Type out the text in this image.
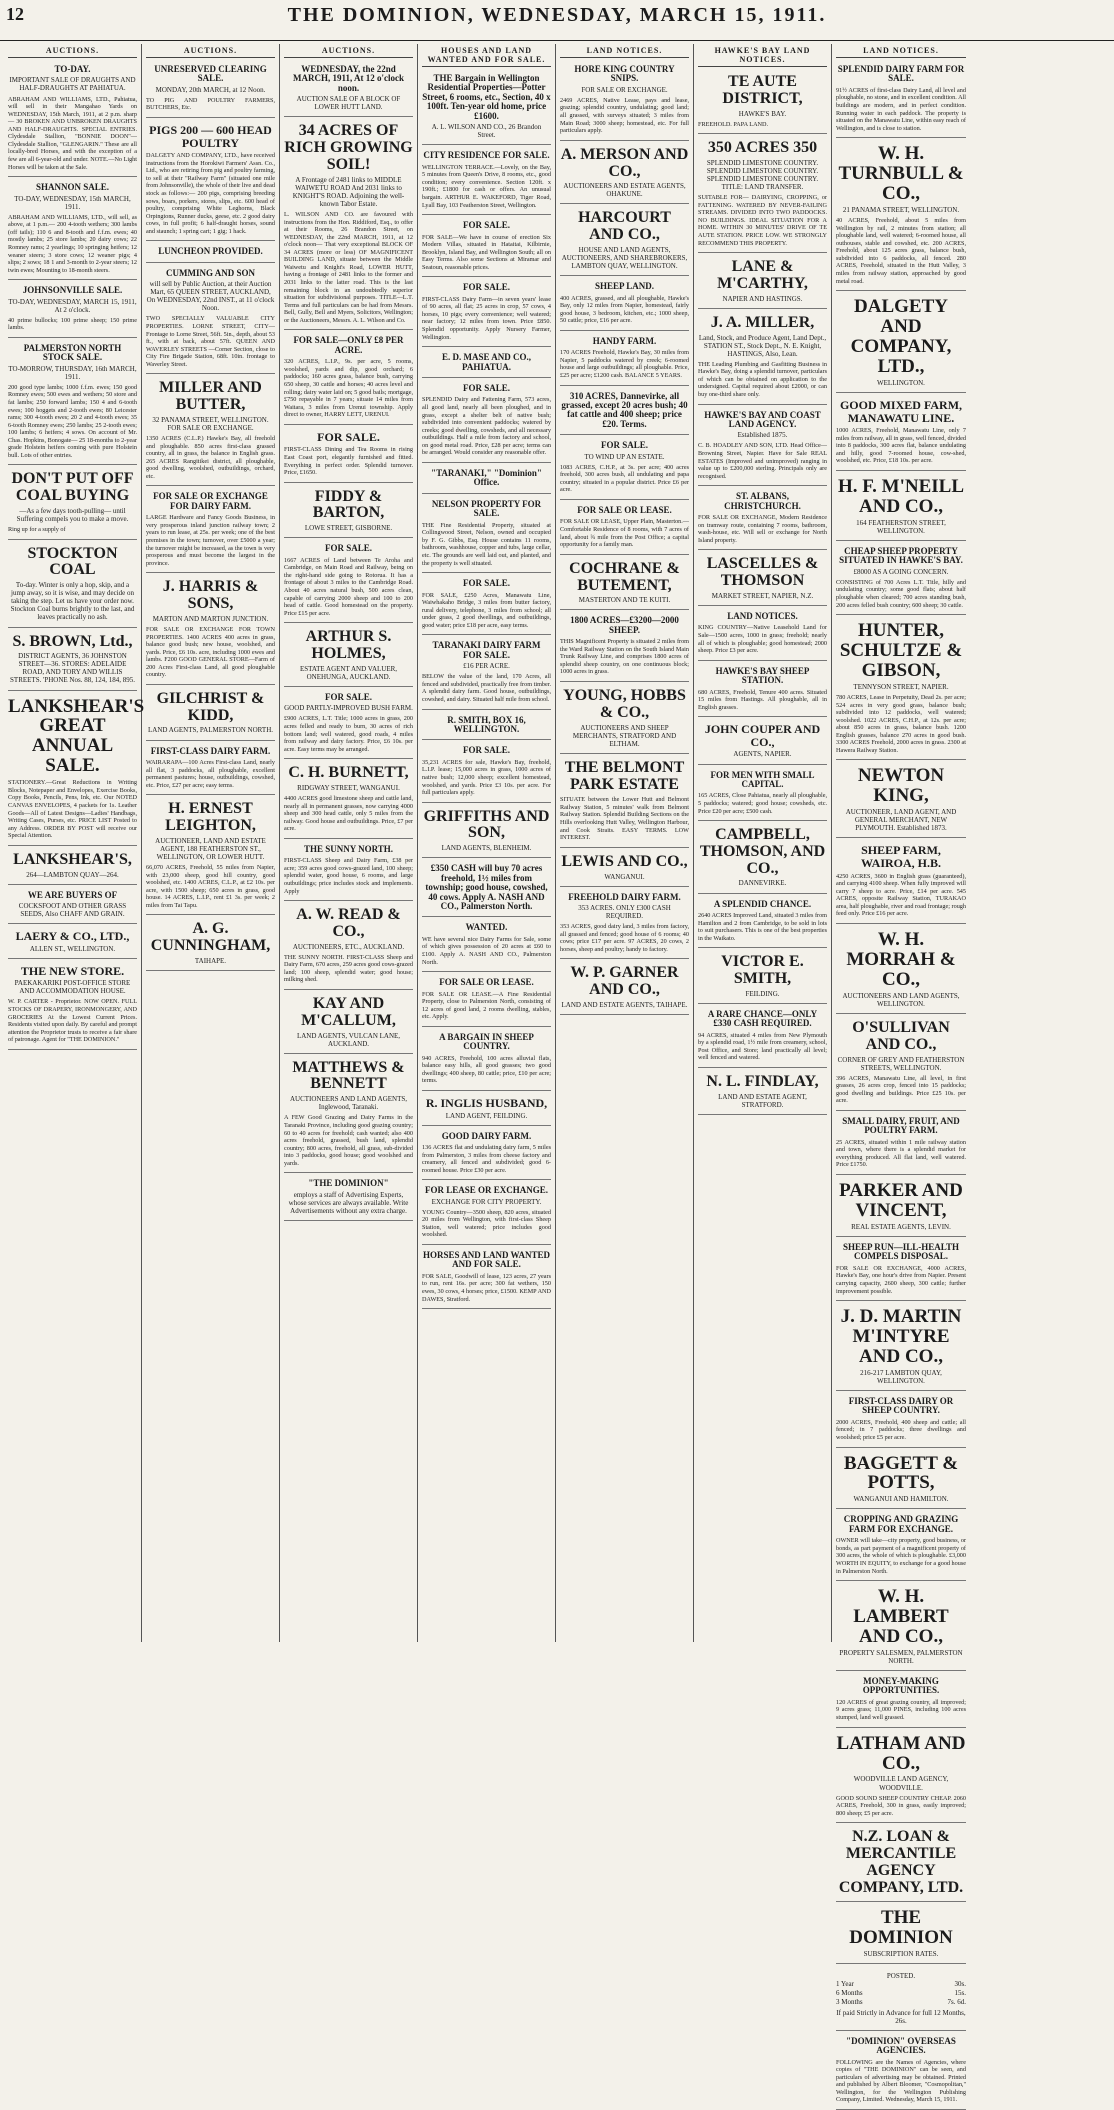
12	THE DOMINION, WEDNESDAY, MARCH 15, 1911.
AUCTIONS.
TO-DAY.
IMPORTANT SALE OF DRAUGHTS AND HALF-DRAUGHTS AT PAHIATUA.
ABRAHAM AND WILLIAMS, LTD., Pahiatua, will sell in their Mangahao Yards on WEDNESDAY, 15th March, 1911, at 2 p.m. sharp— 30 BROKEN AND UNBROKEN DRAUGHTS AND HALF-DRAUGHTS. SPECIAL ENTRIES. Clydesdale Stallion, "BONNIE DOON"— Clydesdale Stallion, "GLENGARIN." These are all locally-bred Horses, and with the exception of a few are all 6-year-old and under. NOTE.—No Light Horses will be taken at the Sale.
SHANNON SALE.
TO-DAY, WEDNESDAY, 15th MARCH, 1911.
ABRAHAM AND WILLIAMS, LTD., will sell, as above, at 1 p.m.— 200 4-tooth wethers; 300 lambs (off tails); 110 6 and 8-tooth and f.f.m. ewes; 40 mostly lambs; 25 store lambs; 20 dairy cows; 22 Romney rams; 2 yearlings; 10 springing heifers; 12 weaner steers; 3 store cows; 12 weaner pigs; 4 slips; 2 sows; 18 1 and 3-month to 2-year steers; 12 twin ewes; Mounting to 18-month steers.
JOHNSONVILLE SALE.
TO-DAY, WEDNESDAY, MARCH 15, 1911, At 2 o'clock.
40 prime bullocks; 100 prime sheep; 150 prime lambs.
PALMERSTON NORTH STOCK SALE.
TO-MORROW, THURSDAY, 16th MARCH, 1911.
200 good type lambs; 1000 f.f.m. ewes; 150 good Romney ewes; 500 ewes and wethers; 50 store and fat lambs; 250 forward lambs; 150 4 and 6-tooth ewes; 100 hoggets and 2-tooth ewes; 80 Leicester rams; 300 4-tooth ewes; 20 2 and 4-tooth ewes; 35 6-tooth Romney ewes; 250 lambs; 25 2-tooth ewes; 100 lambs; 6 heifers; 4 sows. On account of Mr. Chas. Hopkins, Bonogate— 25 18-months to 2-year grade Holstein heifers coming with pure Holstein bull. Lots of other entries.
DON'T PUT OFF COAL BUYING
—As a few days tooth-pulling— until Suffering compels you to make a move.
Ring up for a supply of
STOCKTON COAL
To-day. Winter is only a hop, skip, and a jump away, so it is wise, and may decide on taking the step. Let us have your order now. Stockton Coal burns brightly to the last, and leaves practically no ash.
S. BROWN, Ltd.,
DISTRICT AGENTS, 36 JOHNSTON STREET—36. STORES: ADELAIDE ROAD, AND TORY AND WILLIS STREETS. 'PHONE Nos. 88, 124, 184, 895.
LANKSHEAR'S GREAT ANNUAL SALE.
STATIONERY.—Great Reductions in Writing Blocks, Notepaper and Envelopes, Exercise Books, Copy Books, Pencils, Pens, Ink, etc. Our NOTED CANVAS ENVELOPES, 4 packets for 1s. Leather Goods—All of Latest Designs—Ladies' Handbags, Writing Cases, Purses, etc. PRICE LIST Posted to any Address. ORDER BY POST will receive our Special Attention.
LANKSHEAR'S,
264—LAMBTON QUAY—264.
WE ARE BUYERS OF
COCKSFOOT AND OTHER GRASS SEEDS, Also CHAFF AND GRAIN.
LAERY & CO., LTD.,
ALLEN ST., WELLINGTON.
THE NEW STORE.
PAEKAKARIKI POST-OFFICE STORE AND ACCOMMODATION HOUSE.
W. P. CARTER - Proprietor. NOW OPEN. FULL STOCKS OF DRAPERY, IRONMONGERY, AND GROCERIES At the Lowest Current Prices. Residents visited upon daily. By careful and prompt attention the Proprietor trusts to receive a fair share of patronage. Agent for "THE DOMINION."
AUCTIONS.
UNRESERVED CLEARING SALE.
MONDAY, 20th MARCH, at 12 Noon.
TO PIG AND POULTRY FARMERS, BUTCHERS, Etc.
PIGS 200 — 600 HEAD POULTRY
DALGETY AND COMPANY, LTD., have received instructions from the Horokiwi Farmers' Assn. Co., Ltd., who are retiring from pig and poultry farming, to sell at their "Railway Farm" (situated one mile from Johnsonville), the whole of their live and dead stock as follows:— 200 pigs, comprising breeding sows, boars, porkers, stores, slips, etc. 600 head of poultry, comprising White Leghorns, Black Orpingtons, Runner ducks, geese, etc. 2 good dairy cows, in full profit; 6 half-draught horses, sound and staunch; 1 spring cart; 1 gig; 1 hack.
LUNCHEON PROVIDED.
CUMMING AND SON
will sell by Public Auction, at their Auction Mart, 65 QUEEN STREET, AUCKLAND, On WEDNESDAY, 22nd INST., at 11 o'clock Noon.
TWO SPECIALLY VALUABLE CITY PROPERTIES. LORNE STREET, CITY—Frontage to Lorne Street, 56ft. 5in., depth, about 53 ft., with at back, about 57ft. QUEEN AND WAVERLEY STREETS —Corner Section, close to City Fire Brigade Station, 68ft. 10in. frontage to Waverley Street.
MILLER AND BUTTER,
32 PANAMA STREET, WELLINGTON. FOR SALE OR EXCHANGE.
1350 ACRES (C.L.P.) Hawke's Bay, all freehold and ploughable. 850 acres first-class grassed country, all in grass, the balance in English grass. 265 ACRES Rangitikei district, all ploughable, good dwelling, woolshed, outbuildings, orchard, etc.
FOR SALE OR EXCHANGE FOR DAIRY FARM.
LARGE Hardware and Fancy Goods Business, in very prosperous inland junction railway town; 2 years to run lease, at 25s. per week; one of the best premises in the town; turnover, over £5000 a year; the turnover might be increased, as the town is very prosperous and must become the largest in the province.
J. HARRIS & SONS,
MARTON AND MARTON JUNCTION.
FOR SALE OR EXCHANGE FOR TOWN PROPERTIES. 1400 ACRES 400 acres in grass, balance good bush; new house, woolshed, and yards. Price, £6 10s. acre, including 1000 ewes and lambs. F200 GOOD GENERAL STORE—Farm of 200 Acres First-class Land, all good ploughable country.
GILCHRIST & KIDD,
LAND AGENTS, PALMERSTON NORTH.
FIRST-CLASS DAIRY FARM.
WAIRARAPA—100 Acres First-class Land, nearly all flat, 3 paddocks, all ploughable, excellent permanent pastures; house, outbuildings, cowshed, etc. Price, £27 per acre; easy terms.
H. ERNEST LEIGHTON,
AUCTIONEER, LAND AND ESTATE AGENT, 188 FEATHERSTON ST., WELLINGTON, OR LOWER HUTT.
66,070 ACRES, Freehold, 55 miles from Napier, with 23,000 sheep, good hill country, good woolshed, etc. 1400 ACRES, C.L.P., at £2 10s. per acre, with 1500 sheep; 650 acres in grass, good house. 14 ACRES, L.I.P., rent £1 3s. per week; 2 miles from Tai Tapu.
A. G. CUNNINGHAM,
TAIHAPE.
AUCTIONS.
WEDNESDAY, the 22nd MARCH, 1911, At 12 o'clock noon.
AUCTION SALE OF A BLOCK OF LOWER HUTT LAND.
34 ACRES OF RICH GROWING SOIL!
A Frontage of 2481 links to MIDDLE WAIWETU ROAD And 2031 links to KNIGHT'S ROAD. Adjoining the well-known Tabor Estate.
L. WILSON AND CO. are favoured with instructions from the Hon. Riddiford, Esq., to offer at their Rooms, 26 Brandon Street, on WEDNESDAY, the 22nd MARCH, 1911, at 12 o'clock noon— That very exceptional BLOCK OF 34 ACRES (more or less) OF MAGNIFICENT BUILDING LAND, situate between the Middle Waiwetu and Knight's Road, LOWER HUTT, having a frontage of 2481 links to the former and 2031 links to the latter road. This is the last remaining block in an undoubtedly superior situation for subdivisional purposes. TITLE—L.T. Terms and full particulars can be had from Messrs. Bell, Gully, Bell and Myers, Solicitors, Wellington; or the Auctioneers, Messrs. A. L. Wilson and Co.
FOR SALE—ONLY £8 PER ACRE.
320 ACRES, L.I.P., 9s. per acre, 5 rooms, woolshed, yards and dip, good orchard; 6 paddocks; 160 acres grass, balance bush, carrying 650 sheep, 30 cattle and horses; 40 acres level and rolling; dairy water laid on; 5 good bails; mortgage, £750 repayable in 7 years; situate 14 miles from Waitara, 3 miles from Urenui township. Apply direct to owner, HARRY LETT, URENUI.
FOR SALE.
FIRST-CLASS Dining and Tea Rooms in rising East Coast port, elegantly furnished and fitted. Everything in perfect order. Splendid turnover. Price, £1650.
FIDDY & BARTON,
LOWE STREET, GISBORNE.
FOR SALE.
1667 ACRES of Land between Te Aroha and Cambridge, on Main Road and Railway, being on the right-hand side going to Rotorua. It has a frontage of about 3 miles to the Cambridge Road. About 40 acres natural bush, 500 acres clean, capable of carrying 2000 sheep and 100 to 200 head of cattle. Good homestead on the property. Price £15 per acre.
ARTHUR S. HOLMES,
ESTATE AGENT AND VALUER, ONEHUNGA, AUCKLAND.
FOR SALE.
GOOD PARTLY-IMPROVED BUSH FARM.
£900 ACRES, L.T. Title; 1000 acres in grass, 200 acres felled and ready to burn, 30 acres of rich bottom land; well watered, good roads, 4 miles from railway and dairy factory. Price, £6 10s. per acre. Easy terms may be arranged.
C. H. BURNETT,
RIDGWAY STREET, WANGANUI.
4400 ACRES good limestone sheep and cattle land, nearly all in permanent grasses, now carrying 4000 sheep and 300 head cattle, only 5 miles from the railway. Good house and outbuildings. Price, £7 per acre.
THE SUNNY NORTH.
FIRST-CLASS Sheep and Dairy Farm, £38 per acre; 359 acres good cows-grazed land, 100 sheep; splendid water, good house, 6 rooms, and large outbuildings; price includes stock and implements. Apply
A. W. READ & CO.,
AUCTIONEERS, ETC., AUCKLAND.
THE SUNNY NORTH. FIRST-CLASS Sheep and Dairy Farm, 670 acres, 259 acres good cows-grazed land; 100 sheep, splendid water; good house; milking shed.
KAY AND M'CALLUM,
LAND AGENTS, VULCAN LANE, AUCKLAND.
MATTHEWS & BENNETT
AUCTIONEERS AND LAND AGENTS, Inglewood, Taranaki.
A FEW Good Grazing and Dairy Farms in the Taranaki Province, including good grazing country; 60 to 40 acres for freehold; cash wanted; also 400 acres freehold, grassed, bush land, splendid country; 800 acres, freehold, all grass, sub-divided into 3 paddocks, good house; good woolshed and yards.
"THE DOMINION"
employs a staff of Advertising Experts, whose services are always available. Write Advertisements without any extra charge.
HOUSES AND LAND WANTED AND FOR SALE.
THE Bargain in Wellington Residential Properties—Potter Street, 6 rooms, etc., Section, 40 x 100ft. Ten-year old home, price £1600.
A. L. WILSON AND CO., 26 Brandon Street.
CITY RESIDENCE FOR SALE.
WELLINGTON TERRACE.—Lovely, on the Bay, 5 minutes from Queen's Drive, 8 rooms, etc., good condition; every convenience. Section 120ft. x 190ft.; £1800 for cash or offers. An unusual bargain. ARTHUR E. WAKEFORD, Tiger Road, Lyall Bay, 103 Featherston Street, Wellington.
FOR SALE.
FOR SALE—We have in course of erection Six Modern Villas, situated in Hataitai, Kilbirnie, Brooklyn, Island Bay, and Wellington South; all on Easy Terms. Also some Sections at Miramar and Seatoun, reasonable prices.
FOR SALE.
FIRST-CLASS Dairy Farm—in seven years' lease of 90 acres, all flat; 25 acres in crop, 57 cows, 4 horses, 10 pigs; every convenience; well watered; near factory; 12 miles from town. Price £850. Splendid opportunity. Apply Nursery Farmer, Wellington.
E. D. MASE AND CO., PAHIATUA.
FOR SALE.
SPLENDID Dairy and Fattening Farm, 573 acres, all good land, nearly all been ploughed, and in grass, except a shelter belt of native bush; subdivided into convenient paddocks; watered by creeks; good dwelling, cowsheds, and all necessary outbuildings. Half a mile from factory and school, on good metal road. Price, £28 per acre; terms can be arranged. Would consider any reasonable offer.
"TARANAKI," "Dominion" Office.
NELSON PROPERTY FOR SALE.
THE Fine Residential Property, situated at Collingwood Street, Nelson, owned and occupied by F. G. Gibbs, Esq. House contains 11 rooms, bathroom, washhouse, copper and tubs, large cellar, etc. The grounds are well laid out, and planted, and the property is well situated.
FOR SALE.
FOR SALE, £250 Acres, Manawatu Line, Waiwhakaho Bridge, 3 miles from butter factory, rural delivery, telephone, 3 miles from school; all under grass, 2 good dwellings, and outbuildings, good water; price £18 per acre, easy terms.
TARANAKI DAIRY FARM FOR SALE.
£16 PER ACRE.
BELOW the value of the land, 170 Acres, all fenced and subdivided, practically free from timber. A splendid dairy farm. Good house, outbuildings, cowshed, and dairy. Situated half mile from school.
R. SMITH, BOX 16, WELLINGTON.
FOR SALE.
35,231 ACRES for sale, Hawke's Bay, freehold, L.I.P. lease; 15,000 acres in grass, 1000 acres of native bush; 12,000 sheep; excellent homestead, woolshed, and yards. Price £3 10s. per acre. For full particulars apply.
GRIFFITHS AND SON,
LAND AGENTS, BLENHEIM.
£350 CASH will buy 70 acres freehold, 1½ miles from township; good house, cowshed, 40 cows. Apply A. NASH AND CO., Palmerston North.
WANTED.
WE have several nice Dairy Farms for Sale, some of which gives possession of 20 acres at £60 to £100. Apply A. NASH AND CO., Palmerston North.
FOR SALE OR LEASE.
FOR SALE OR LEASE.—A Fine Residential Property, close to Palmerston North, consisting of 12 acres of good land, 2 rooms dwelling, stables, etc. Apply.
A BARGAIN IN SHEEP COUNTRY.
940 ACRES, Freehold, 100 acres alluvial flats, balance easy hills, all good grasses; two good dwellings; 400 sheep, 80 cattle; price, £10 per acre; terms.
R. INGLIS HUSBAND,
LAND AGENT, FEILDING.
GOOD DAIRY FARM.
136 ACRES flat and undulating dairy farm, 5 miles from Palmerston, 3 miles from cheese factory and creamery, all fenced and subdivided; good 6-roomed house. Price £30 per acre.
FOR LEASE OR EXCHANGE.
EXCHANGE FOR CITY PROPERTY.
YOUNG Country—3500 sheep, 820 acres, situated 20 miles from Wellington, with first-class Sheep Station, well watered; price includes good woolshed.
HORSES AND LAND WANTED AND FOR SALE.
FOR SALE, Goodwill of lease, 123 acres, 27 years to run, rent 16s. per acre; 300 fat wethers, 150 ewes, 30 cows, 4 horses; price, £1500. KEMP AND DAWES, Stratford.
LAND NOTICES.
HORE KING COUNTRY SNIPS.
FOR SALE OR EXCHANGE.
2469 ACRES, Native Lease, pays and lease, grazing; splendid country, undulating; good land; all grassed, with surveys situated; 3 miles from Main Road; 3000 sheep; homestead, etc. For full particulars apply.
A. MERSON AND CO.,
AUCTIONEERS AND ESTATE AGENTS, OHAKUNE.
HARCOURT AND CO.,
HOUSE AND LAND AGENTS, AUCTIONEERS, AND SHAREBROKERS, LAMBTON QUAY, WELLINGTON.
SHEEP LAND.
400 ACRES, grassed, and all ploughable, Hawke's Bay, only 12 miles from Napier, homestead, fairly good house, 3 bedroom, kitchen, etc.; 1000 sheep, 50 cattle; price, £16 per acre.
HANDY FARM.
170 ACRES Freehold, Hawke's Bay, 30 miles from Napier, 5 paddocks watered by creek; 6-roomed house and large outbuildings; all ploughable. Price, £25 per acre; £1200 cash. BALANCE 5 YEARS.
310 ACRES, Dannevirke, all grassed, except 20 acres bush; 40 fat cattle and 400 sheep; price £20. Terms.
FOR SALE.
TO WIND UP AN ESTATE.
1083 ACRES, C.H.P., at 3s. per acre; 400 acres freehold, 300 acres bush, all undulating and papa country; situated in a popular district. Price £6 per acre.
FOR SALE OR LEASE.
FOR SALE OR LEASE, Upper Plain, Masterton.—Comfortable Residence of 8 rooms, with 7 acres of land, about ¾ mile from the Post Office; a capital opportunity for a family man.
COCHRANE & BUTEMENT,
MASTERTON AND TE KUITI.
1800 ACRES—£3200—2000 SHEEP.
THIS Magnificent Property is situated 2 miles from the Ward Railway Station on the South Island Main Trunk Railway Line, and comprises 1800 acres of splendid sheep country, on one continuous block; 1000 acres in grass.
YOUNG, HOBBS & CO.,
AUCTIONEERS AND SHEEP MERCHANTS, STRATFORD AND ELTHAM.
THE BELMONT PARK ESTATE
SITUATE between the Lower Hutt and Belmont Railway Station, 5 minutes' walk from Belmont Railway Station. Splendid Building Sections on the Hills overlooking Hutt Valley, Wellington Harbour, and Cook Straits. EASY TERMS. LOW INTEREST.
LEWIS AND CO.,
WANGANUI.
FREEHOLD DAIRY FARM.
353 ACRES. ONLY £300 CASH REQUIRED.
353 ACRES, good dairy land, 3 miles from factory, all grassed and fenced; good house of 6 rooms; 40 cows; price £17 per acre. 97 ACRES, 20 cows, 2 horses, sheep and poultry; handy to factory.
W. P. GARNER AND CO.,
LAND AND ESTATE AGENTS, TAIHAPE.
HAWKE'S BAY LAND NOTICES.
TE AUTE DISTRICT,
HAWKE'S BAY.
FREEHOLD. PAPA LAND.
350 ACRES 350
SPLENDID LIMESTONE COUNTRY. SPLENDID LIMESTONE COUNTRY. SPLENDID LIMESTONE COUNTRY. TITLE: LAND TRANSFER.
SUITABLE FOR— DAIRYING, CROPPING, or FATTENING. WATERED BY NEVER-FAILING STREAMS. DIVIDED INTO TWO PADDOCKS. NO BUILDINGS. IDEAL SITUATION FOR A HOME. WITHIN 30 MINUTES' DRIVE OF TE AUTE STATION. PRICE LOW. WE STRONGLY RECOMMEND THIS PROPERTY.
LANE & M'CARTHY,
NAPIER AND HASTINGS.
J. A. MILLER,
Land, Stock, and Produce Agent, Land Dept., STATION ST., Stock Dept., N. E. Knight, HASTINGS, Also, Lean.
THE Leading Plumbing and Gasfitting Business in Hawke's Bay, doing a splendid turnover, particulars of which can be obtained on application to the undersigned. Capital required about £2000, or can buy one-third share only.
HAWKE'S BAY AND COAST LAND AGENCY.
Established 1875.
C. B. HOADLEY AND SON, LTD. Head Office—Browning Street, Napier. Have for Sale REAL ESTATES (Improved and unimproved) ranging in value up to £200,000 sterling. Principals only are recognised.
ST. ALBANS, CHRISTCHURCH.
FOR SALE OR EXCHANGE, Modern Residence on tramway route, containing 7 rooms, bathroom, wash-house, etc. Will sell or exchange for North Island property.
LASCELLES & THOMSON
MARKET STREET, NAPIER, N.Z.
LAND NOTICES.
KING COUNTRY—Native Leasehold Land for Sale—1500 acres, 1000 in grass; freehold; nearly all of which is ploughable; good homestead; 2000 sheep. Price £3 per acre.
HAWKE'S BAY SHEEP STATION.
680 ACRES, Freehold, Tenure 400 acres. Situated 15 miles from Hastings. All ploughable, all in English grasses.
JOHN COUPER AND CO.,
AGENTS, NAPIER.
FOR MEN WITH SMALL CAPITAL.
165 ACRES, Close Pahiatua, nearly all ploughable, 5 paddocks; watered; good house; cowsheds, etc. Price £20 per acre; £500 cash.
CAMPBELL, THOMSON, AND CO.,
DANNEVIRKE.
A SPLENDID CHANCE.
2640 ACRES Improved Land, situated 3 miles from Hamilton and 2 from Cambridge, to be sold in lots to suit purchasers. This is one of the best properties in the Waikato.
VICTOR E. SMITH,
FEILDING.
A RARE CHANCE—ONLY £330 CASH REQUIRED.
94 ACRES, situated 4 miles from New Plymouth by a splendid road, 1½ mile from creamery, school, Post Office, and Store; land practically all level; well fenced and watered.
N. L. FINDLAY,
LAND AND ESTATE AGENT, STRATFORD.
LAND NOTICES.
SPLENDID DAIRY FARM FOR SALE.
91½ ACRES of first-class Dairy Land, all level and ploughable, no stone, and in excellent condition. All buildings are modern, and in perfect condition. Running water in each paddock. The property is situated on the Manawatu Line, within easy reach of Wellington, and is close to station.
W. H. TURNBULL & CO.,
21 PANAMA STREET, WELLINGTON.
40 ACRES, Freehold, about 5 miles from Wellington by rail, 2 minutes from station; all ploughable land, well watered; 6-roomed house, all outhouses, stable and cowshed, etc. 200 ACRES, Freehold, about 125 acres grass, balance bush, subdivided into 6 paddocks, all fenced. 280 ACRES, Freehold, situated in the Hutt Valley, 3 miles from railway station, approached by good metal road.
DALGETY AND COMPANY, LTD.,
WELLINGTON.
GOOD MIXED FARM, MANAWATU LINE.
1000 ACRES, Freehold, Manawatu Line, only 7 miles from railway, all in grass, well fenced, divided into 8 paddocks, 300 acres flat, balance undulating and hilly, good 7-roomed house, cow-shed, woolshed, etc. Price, £18 10s. per acre.
H. F. M'NEILL AND CO.,
164 FEATHERSTON STREET, WELLINGTON.
CHEAP SHEEP PROPERTY SITUATED IN HAWKE'S BAY.
£8000 AS A GOING CONCERN.
CONSISTING of 700 Acres L.T. Title, hilly and undulating country; some good flats; about half ploughable when cleared; 700 acres standing bush, 200 acres felled bush country; 600 sheep; 30 cattle.
HUNTER, SCHULTZE & GIBSON,
TENNYSON STREET, NAPIER.
780 ACRES, Lease in Perpetuity, Dead 2s. per acre; 524 acres in very good grass, balance bush; subdivided into 12 paddocks, well watered; woolshed. 1022 ACRES, C.H.P., at 12s. per acre; about 850 acres in grass, balance bush. 1200 English grasses, balance 270 acres in good bush. 3300 ACRES Freehold, 2000 acres in grass. 2300 at Hawera Railway Station.
NEWTON KING,
AUCTIONEER, LAND AGENT, AND GENERAL MERCHANT, NEW PLYMOUTH. Established 1873.
SHEEP FARM, WAIROA, H.B.
4250 ACRES, 3600 in English grass (guaranteed), and carrying 4100 sheep. When fully improved will carry 7 sheep to acre. Price, £14 per acre. 545 ACRES, opposite Railway Station, TURAKAO area, half ploughable, river and road frontage; rough feed only. Price £16 per acre.
W. H. MORRAH & CO.,
AUCTIONEERS AND LAND AGENTS, WELLINGTON.
O'SULLIVAN AND CO.,
CORNER OF GREY AND FEATHERSTON STREETS, WELLINGTON.
396 ACRES, Manawatu Line, all level, in first grasses, 26 acres crop, fenced into 15 paddocks; good dwelling and buildings. Price £25 10s. per acre.
SMALL DAIRY, FRUIT, AND POULTRY FARM.
25 ACRES, situated within 1 mile railway station and town, where there is a splendid market for everything produced. All flat land, well watered. Price £1750.
PARKER AND VINCENT,
REAL ESTATE AGENTS, LEVIN.
SHEEP RUN—ILL-HEALTH COMPELS DISPOSAL.
FOR SALE OR EXCHANGE, 4000 ACRES, Hawke's Bay, one hour's drive from Napier. Present carrying capacity, 2600 sheep, 300 cattle; further improvement possible.
J. D. MARTIN M'INTYRE AND CO.,
216-217 LAMBTON QUAY, WELLINGTON.
FIRST-CLASS DAIRY OR SHEEP COUNTRY.
2000 ACRES, Freehold, 400 sheep and cattle; all fenced; in 7 paddocks; three dwellings and woolshed; price £5 per acre.
BAGGETT & POTTS,
WANGANUI AND HAMILTON.
CROPPING AND GRAZING FARM FOR EXCHANGE.
OWNER will take—city property, good business, or bonds, as part payment of a magnificent property of 300 acres, the whole of which is ploughable. £3,000 WORTH IN EQUITY, to exchange for a good house in Palmerston North.
W. H. LAMBERT AND CO.,
PROPERTY SALESMEN, PALMERSTON NORTH.
MONEY-MAKING OPPORTUNITIES.
120 ACRES of great grazing country, all improved; 9 acres grass; 11,000 PINES, including 100 acres stumped, land well grassed.
LATHAM AND CO.,
WOODVILLE LAND AGENCY, WOODVILLE.
GOOD SOUND SHEEP COUNTRY CHEAP. 2060 ACRES, Freehold, 300 in grass, easily improved; 800 sheep; £5 per acre.
N.Z. LOAN & MERCANTILE AGENCY COMPANY, LTD.
THE DOMINION
SUBSCRIPTION RATES.
POSTED.
1 Year	30s.
6 Months	15s.
3 Months	7s. 6d.
If paid Strictly in Advance for full 12 Months, 26s.
"DOMINION" OVERSEAS AGENCIES.
FOLLOWING are the Names of Agencies, where copies of "THE DOMINION" can be seen, and particulars of advertising may be obtained. Printed and published by Albert Bloomer, "Cosmopolitan," Wellington, for the Wellington Publishing Company, Limited. Wednesday, March 15, 1911.
